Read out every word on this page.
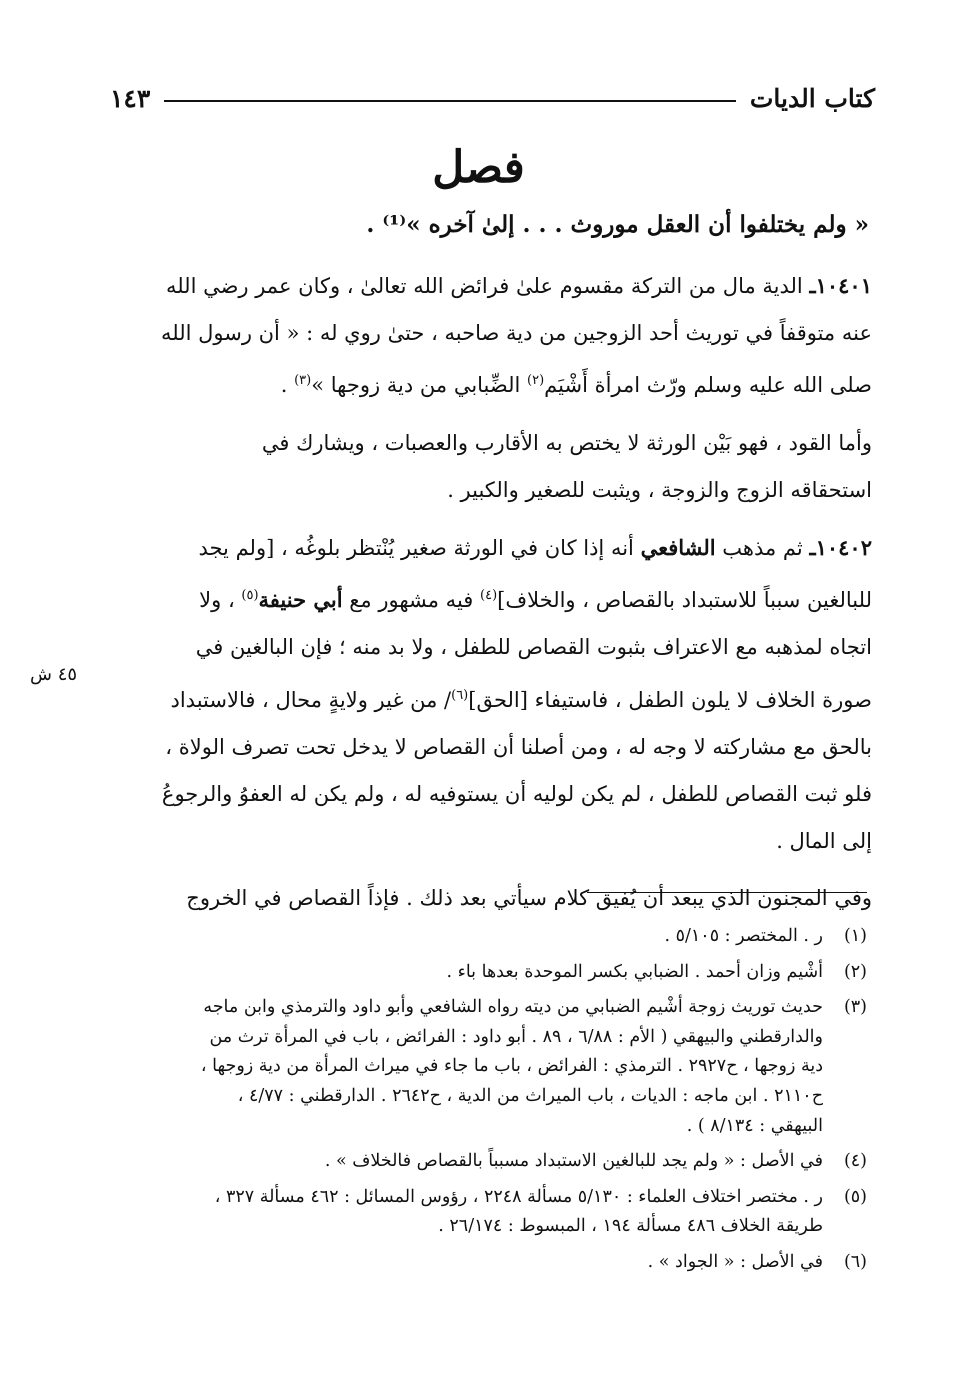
كتاب الديات
١٤٣
فصل
« ولم يختلفوا أن العقل موروث . . . إلىٰ آخره »⁽¹⁾ .

١٠٤٠١ـ الدية مال من التركة مقسوم علىٰ فرائض الله تعالىٰ ، وكان عمر رضي الله
عنه متوقفاً في توريث أحد الزوجين من دية صاحبه ، حتىٰ روي له : « أن رسول الله
صلى الله عليه وسلم ورّث امرأة أَشْيَم$^{(٢)}$ الضِّبابي من دية زوجها »$^{(٣)}$ .

وأما القود ، فهو بَيْن الورثة لا يختص به الأقارب والعصبات ، ويشارك في
استحقاقه الزوج والزوجة ، ويثبت للصغير والكبير .

١٠٤٠٢ـ ثم مذهب الشافعي أنه إذا كان في الورثة صغير يُنْتظر بلوغُه ، [ولم يجد
للبالغين سبباً للاستبداد بالقصاص ، والخلاف]$^{(٤)}$ فيه مشهور مع أبي حنيفة$^{(٥)}$ ، ولا
اتجاه لمذهبه مع الاعتراف بثبوت القصاص للطفل ، ولا بد منه ؛ فإن البالغين في
صورة الخلاف لا يلون الطفل ، فاستيفاء [الحق]$^{(٦)}$/ من غير ولايةٍ محال ، فالاستبداد
بالحق مع مشاركته لا وجه له ، ومن أصلنا أن القصاص لا يدخل تحت تصرف الولاة ،
فلو ثبت القصاص للطفل ، لم يكن لوليه أن يستوفيه له ، ولم يكن له العفوُ والرجوعُ
إلى المال .

وفي المجنون الذي يبعد أن يُفيق كلام سيأتي بعد ذلك . فإذاً القصاص في الخروج

٤٥ ش
(١)
ر . المختصر : ٥/١٠٥ .
(٢)
أشْيم وزان أحمد . الضبابي بكسر الموحدة بعدها باء .
(٣)
حديث توريث زوجة أشْيم الضبابي من ديته رواه الشافعي وأبو داود والترمذي وابن ماجه
والدارقطني والبيهقي ( الأم : ٦/٨٨ ، ٨٩ . أبو داود : الفرائض ، باب في المرأة ترث من
دية زوجها ، ح٢٩٢٧ . الترمذي : الفرائض ، باب ما جاء في ميراث المرأة من دية زوجها ،
ح٢١١٠ . ابن ماجه : الديات ، باب الميراث من الدية ، ح٢٦٤٢ . الدارقطني : ٤/٧٧ ،
البيهقي : ٨/١٣٤ ) .
(٤)
في الأصل : « ولم يجد للبالغين الاستبداد مسبباً بالقصاص فالخلاف » .
(٥)
ر . مختصر اختلاف العلماء : ٥/١٣٠ مسألة ٢٢٤٨ ، رؤوس المسائل : ٤٦٢ مسألة ٣٢٧ ،
طريقة الخلاف ٤٨٦ مسألة ١٩٤ ، المبسوط : ٢٦/١٧٤ .
(٦)
في الأصل : « الجواد » .
